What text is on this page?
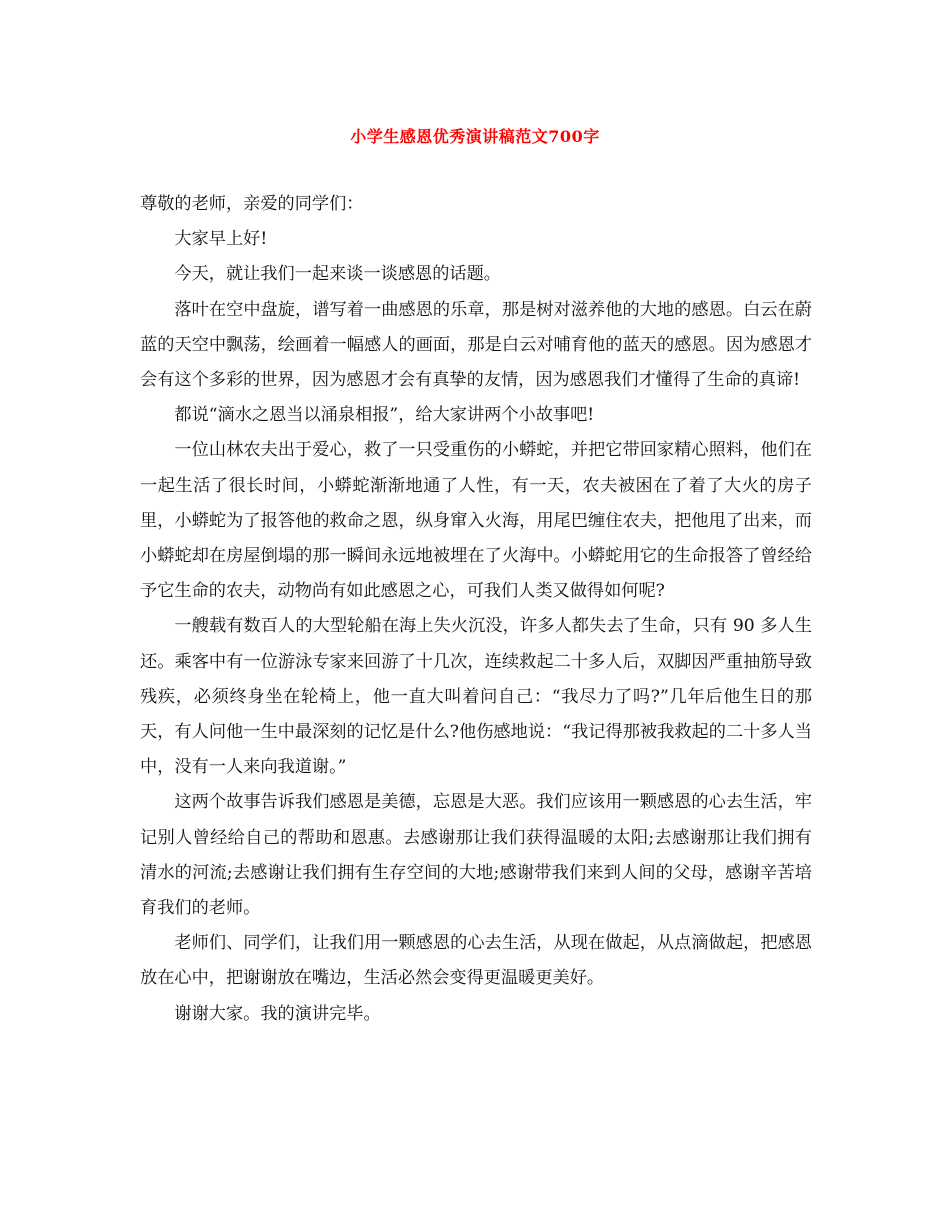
小学生感恩优秀演讲稿范文700字

尊敬的老师，亲爱的同学们：

大家早上好!

今天，就让我们一起来谈一谈感恩的话题。

落叶在空中盘旋，谱写着一曲感恩的乐章，那是树对滋养他的大地的感恩。白云在蔚蓝的天空中飘荡，绘画着一幅感人的画面，那是白云对哺育他的蓝天的感恩。因为感恩才会有这个多彩的世界，因为感恩才会有真挚的友情，因为感恩我们才懂得了生命的真谛!

都说“滴水之恩当以涌泉相报”，给大家讲两个小故事吧!

一位山林农夫出于爱心，救了一只受重伤的小蟒蛇，并把它带回家精心照料，他们在一起生活了很长时间，小蟒蛇渐渐地通了人性，有一天，农夫被困在了着了大火的房子里，小蟒蛇为了报答他的救命之恩，纵身窜入火海，用尾巴缠住农夫，把他甩了出来，而小蟒蛇却在房屋倒塌的那一瞬间永远地被埋在了火海中。小蟒蛇用它的生命报答了曾经给予它生命的农夫，动物尚有如此感恩之心，可我们人类又做得如何呢?

一艘载有数百人的大型轮船在海上失火沉没，许多人都失去了生命，只有 90 多人生还。乘客中有一位游泳专家来回游了十几次，连续救起二十多人后，双脚因严重抽筋导致残疾，必须终身坐在轮椅上，他一直大叫着问自己：“我尽力了吗?”几年后他生日的那天，有人问他一生中最深刻的记忆是什么?他伤感地说：“我记得那被我救起的二十多人当中，没有一人来向我道谢。”

这两个故事告诉我们感恩是美德，忘恩是大恶。我们应该用一颗感恩的心去生活，牢记别人曾经给自己的帮助和恩惠。去感谢那让我们获得温暖的太阳;去感谢那让我们拥有清水的河流;去感谢让我们拥有生存空间的大地;感谢带我们来到人间的父母，感谢辛苦培育我们的老师。

老师们、同学们，让我们用一颗感恩的心去生活，从现在做起，从点滴做起，把感恩放在心中，把谢谢放在嘴边，生活必然会变得更温暖更美好。

谢谢大家。我的演讲完毕。
